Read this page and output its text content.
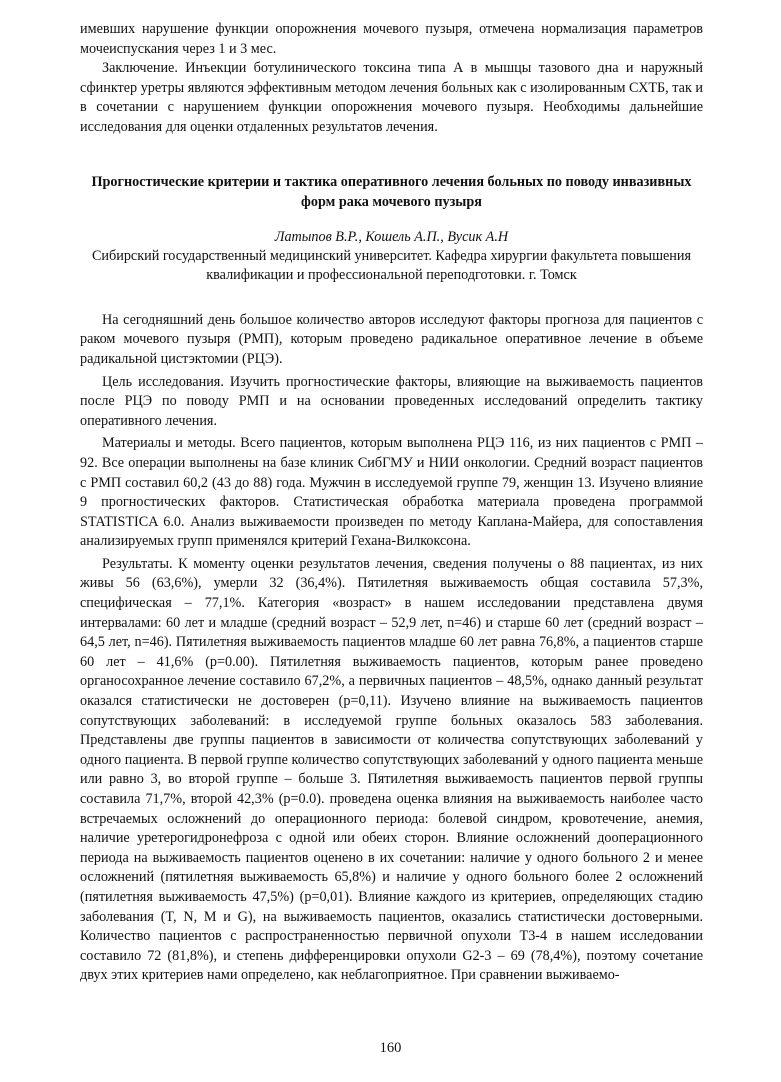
имевших нарушение функции опорожнения мочевого пузыря, отмечена нормализация параметров мочеиспускания через 1 и 3 мес.

Заключение. Инъекции ботулинического токсина типа А в мышцы тазового дна и наружный сфинктер уретры являются эффективным методом лечения больных как с изолированным СХТБ, так и в сочетании с нарушением функции опорожнения мочевого пузыря. Необходимы дальнейшие исследования для оценки отдаленных результатов лечения.

Прогностические критерии и тактика оперативного лечения больных по поводу инвазивных форм рака мочевого пузыря
Латыпов В.Р., Кошель А.П., Вусик А.Н
Сибирский государственный медицинский университет. Кафедра хирургии факультета повышения квалификации и профессиональной переподготовки. г. Томск

На сегодняшний день большое количество авторов исследуют факторы прогноза для пациентов с раком мочевого пузыря (РМП), которым проведено радикальное оперативное лечение в объеме радикальной цистэктомии (РЦЭ).

Цель исследования. Изучить прогностические факторы, влияющие на выживаемость пациентов после РЦЭ по поводу РМП и на основании проведенных исследований определить тактику оперативного лечения.

Материалы и методы. Всего пациентов, которым выполнена РЦЭ 116, из них пациентов с РМП – 92. Все операции выполнены на базе клиник СибГМУ и НИИ онкологии. Средний возраст пациентов с РМП составил 60,2 (43 до 88) года. Мужчин в исследуемой группе 79, женщин 13. Изучено влияние 9 прогностических факторов. Статистическая обработка материала проведена программой STATISTICA 6.0. Анализ выживаемости произведен по методу Каплана-Майера, для сопоставления анализируемых групп применялся критерий Гехана-Вилкоксона.

Результаты. К моменту оценки результатов лечения, сведения получены о 88 пациентах, из них живы 56 (63,6%), умерли 32 (36,4%). Пятилетняя выживаемость общая составила 57,3%, специфическая – 77,1%. Категория «возраст» в нашем исследовании представлена двумя интервалами: 60 лет и младше (средний возраст – 52,9 лет, n=46) и старше 60 лет (средний возраст – 64,5 лет, n=46). Пятилетняя выживаемость пациентов младше 60 лет равна 76,8%, а пациентов старше 60 лет – 41,6% (p=0.00). Пятилетняя выживаемость пациентов, которым ранее проведено органосохранное лечение составило 67,2%, а первичных пациентов – 48,5%, однако данный результат оказался статистически не достоверен (p=0,11). Изучено влияние на выживаемость пациентов сопутствующих заболеваний: в исследуемой группе больных оказалось 583 заболевания. Представлены две группы пациентов в зависимости от количества сопутствующих заболеваний у одного пациента. В первой группе количество сопутствующих заболеваний у одного пациента меньше или равно 3, во второй группе – больше 3. Пятилетняя выживаемость пациентов первой группы составила 71,7%, второй 42,3% (p=0.0). проведена оценка влияния на выживаемость наиболее часто встречаемых осложнений до операционного периода: болевой синдром, кровотечение, анемия, наличие уретерогидронефроза с одной или обеих сторон. Влияние осложнений дооперационного периода на выживаемость пациентов оценено в их сочетании: наличие у одного больного 2 и менее осложнений (пятилетняя выживаемость 65,8%) и наличие у одного больного более 2 осложнений (пятилетняя выживаемость 47,5%) (p=0,01). Влияние каждого из критериев, определяющих стадию заболевания (T, N, M и G), на выживаемость пациентов, оказались статистически достоверными. Количество пациентов с распространенностью первичной опухоли T3-4 в нашем исследовании составило 72 (81,8%), и степень дифференцировки опухоли G2-3 – 69 (78,4%), поэтому сочетание двух этих критериев нами определено, как неблагоприятное. При сравнении выживаемо-

160
